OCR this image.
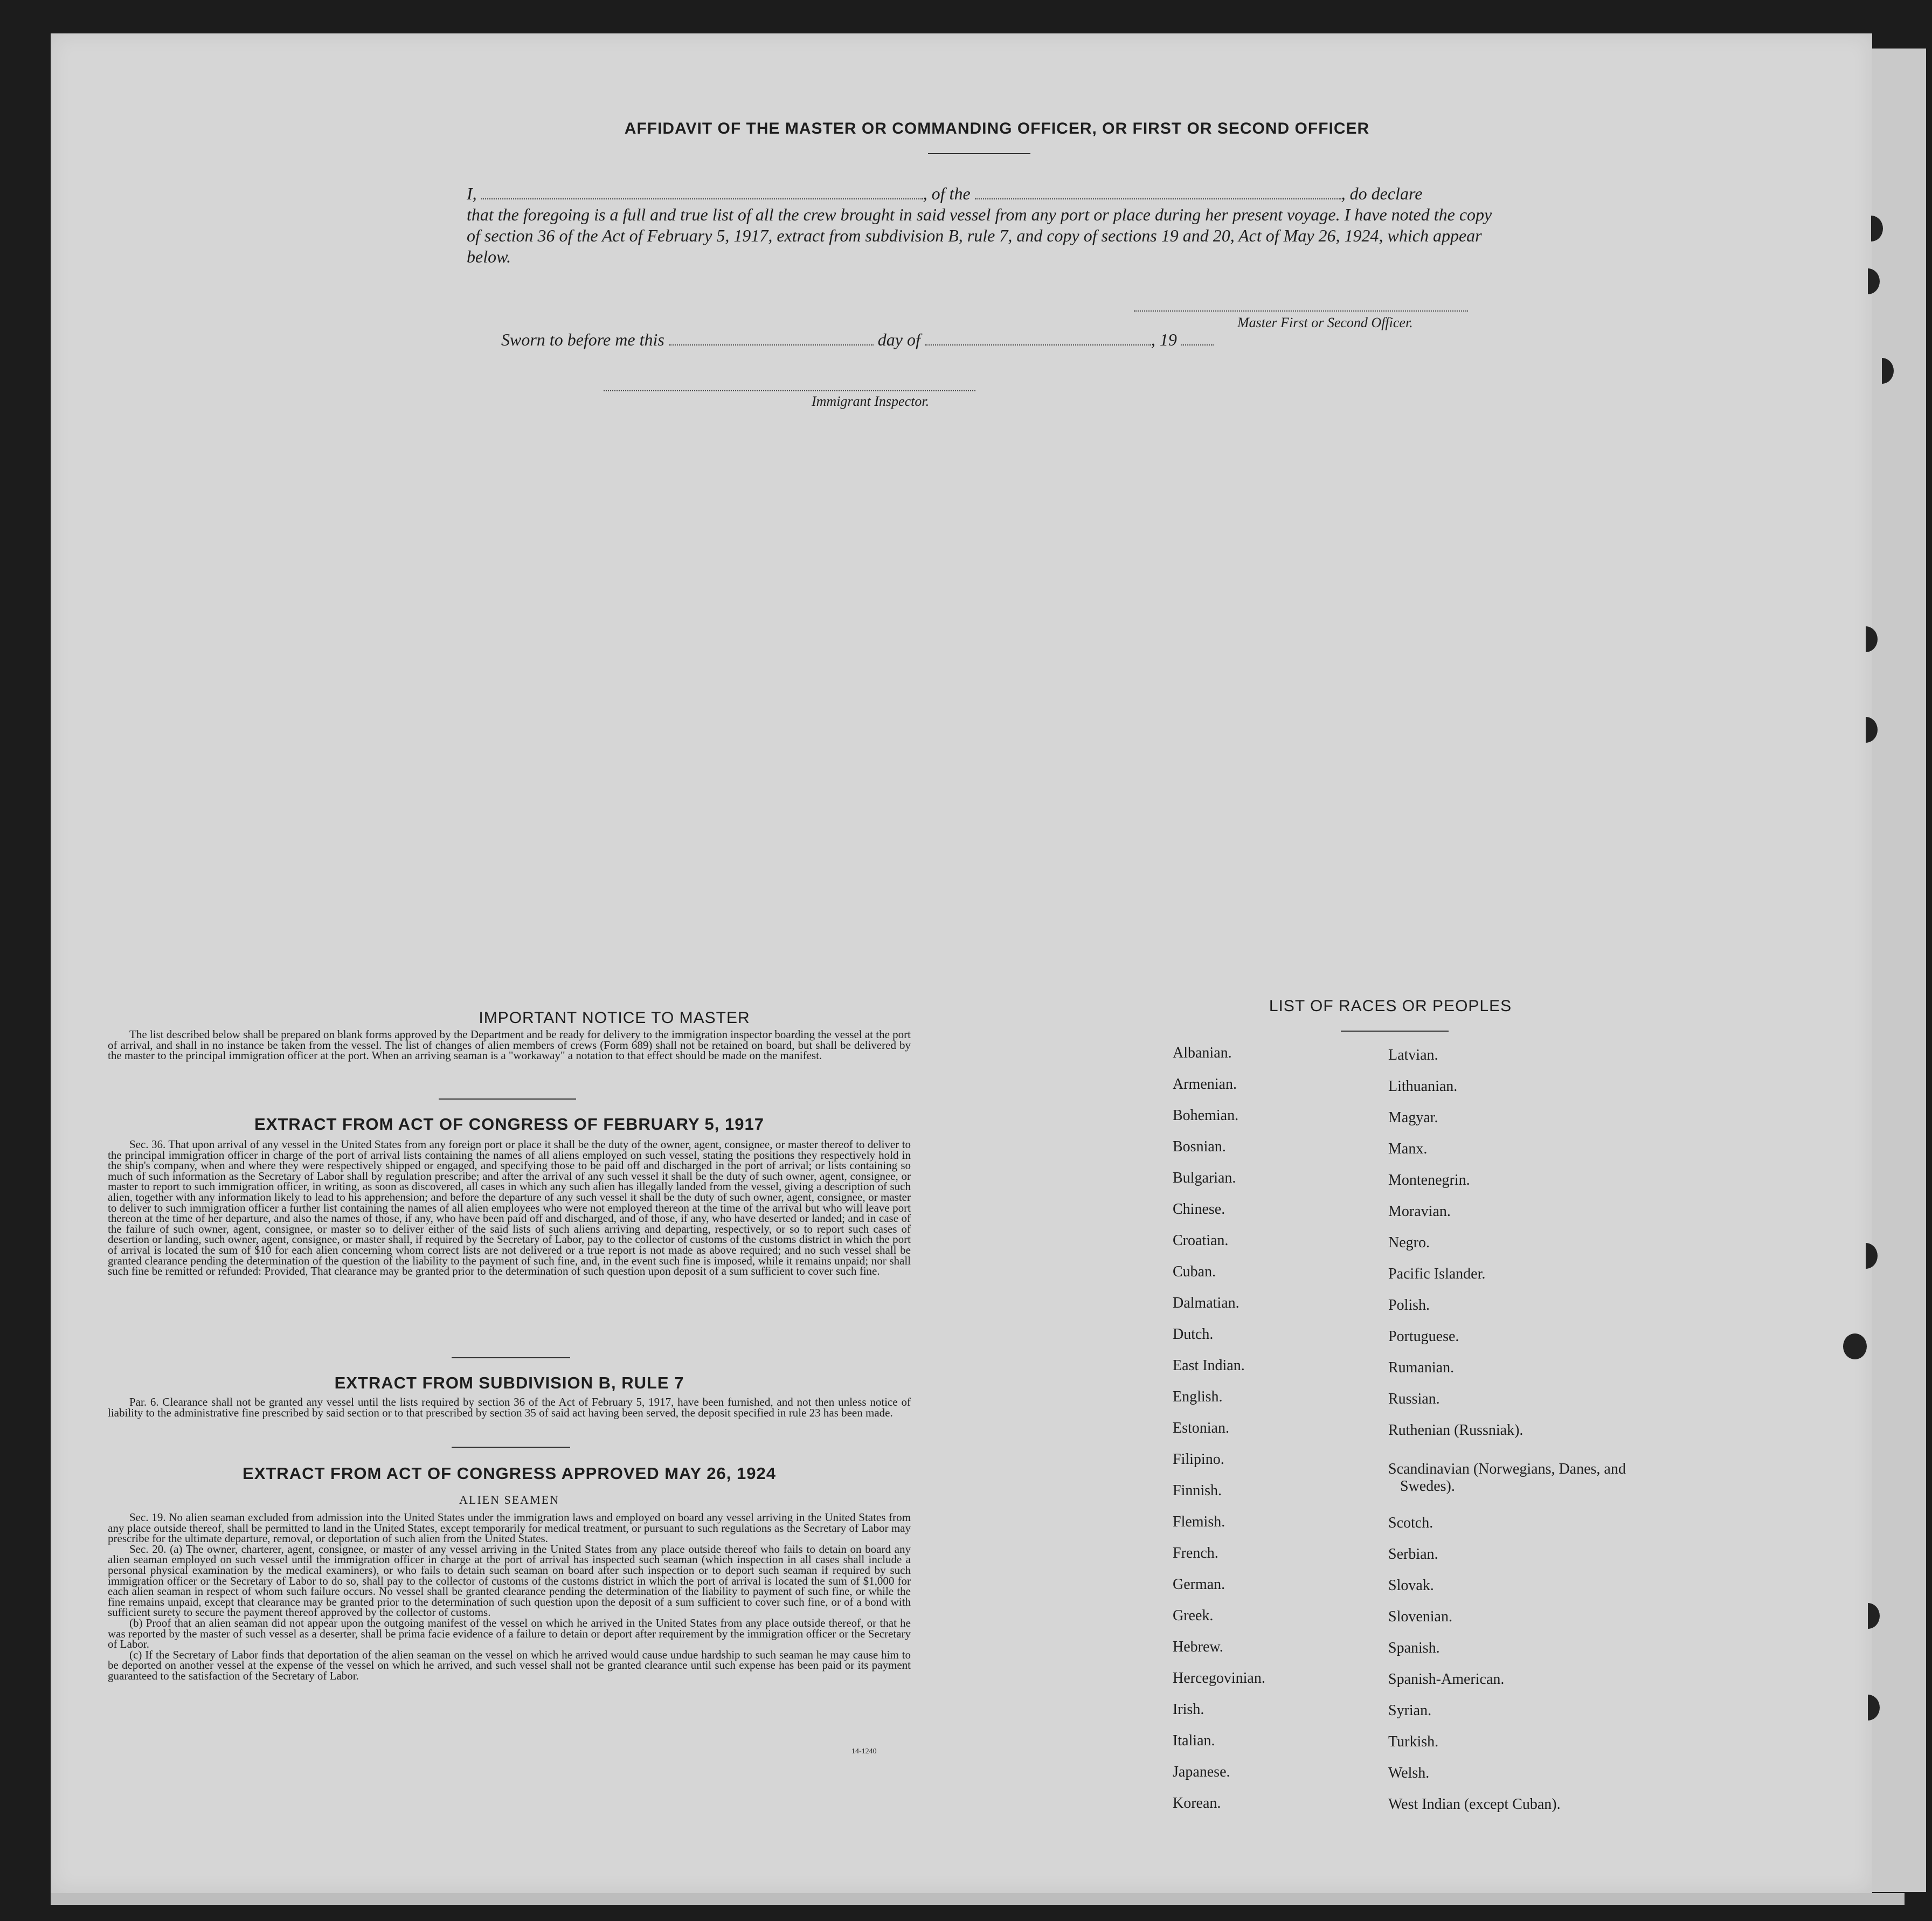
AFFIDAVIT OF THE MASTER OR COMMANDING OFFICER, OR FIRST OR SECOND OFFICER
I,	, of the	, do declare
that the foregoing is a full and true list of all the crew brought in said vessel from any port or place during her present voyage. I have noted the copy of section 36 of the Act of February 5, 1917, extract from subdivision B, rule 7, and copy of sections 19 and 20, Act of May 26, 1924, which appear below.
Master First or Second Officer.
Sworn to before me this	day of	, 19
Immigrant Inspector.
IMPORTANT NOTICE TO MASTER
The list described below shall be prepared on blank forms approved by the Department and be ready for delivery to the immigration inspector boarding the vessel at the port of arrival, and shall in no instance be taken from the vessel. The list of changes of alien members of crews (Form 689) shall not be retained on board, but shall be delivered by the master to the principal immigration officer at the port. When an arriving seaman is a "workaway" a notation to that effect should be made on the manifest.
EXTRACT FROM ACT OF CONGRESS OF FEBRUARY 5, 1917
Sec. 36. That upon arrival of any vessel in the United States from any foreign port or place it shall be the duty of the owner, agent, consignee, or master thereof to deliver to the principal immigration officer in charge of the port of arrival lists containing the names of all aliens employed on such vessel, stating the positions they respectively hold in the ship's company, when and where they were respectively shipped or engaged, and specifying those to be paid off and discharged in the port of arrival; or lists containing so much of such information as the Secretary of Labor shall by regulation prescribe; and after the arrival of any such vessel it shall be the duty of such owner, agent, consignee, or master to report to such immigration officer, in writing, as soon as discovered, all cases in which any such alien has illegally landed from the vessel, giving a description of such alien, together with any information likely to lead to his apprehension; and before the departure of any such vessel it shall be the duty of such owner, agent, consignee, or master to deliver to such immigration officer a further list containing the names of all alien employees who were not employed thereon at the time of the arrival but who will leave port thereon at the time of her departure, and also the names of those, if any, who have been paid off and discharged, and of those, if any, who have deserted or landed; and in case of the failure of such owner, agent, consignee, or master so to deliver either of the said lists of such aliens arriving and departing, respectively, or so to report such cases of desertion or landing, such owner, agent, consignee, or master shall, if required by the Secretary of Labor, pay to the collector of customs of the customs district in which the port of arrival is located the sum of $10 for each alien concerning whom correct lists are not delivered or a true report is not made as above required; and no such vessel shall be granted clearance pending the determination of the question of the liability to the payment of such fine, and, in the event such fine is imposed, while it remains unpaid; nor shall such fine be remitted or refunded: Provided, That clearance may be granted prior to the determination of such question upon deposit of a sum sufficient to cover such fine.
EXTRACT FROM SUBDIVISION B, RULE 7
Par. 6. Clearance shall not be granted any vessel until the lists required by section 36 of the Act of February 5, 1917, have been furnished, and not then unless notice of liability to the administrative fine prescribed by said section or to that prescribed by section 35 of said act having been served, the deposit specified in rule 23 has been made.
EXTRACT FROM ACT OF CONGRESS APPROVED MAY 26, 1924
ALIEN SEAMEN
Sec. 19. No alien seaman excluded from admission into the United States under the immigration laws and employed on board any vessel arriving in the United States from any place outside thereof, shall be permitted to land in the United States, except temporarily for medical treatment, or pursuant to such regulations as the Secretary of Labor may prescribe for the ultimate departure, removal, or deportation of such alien from the United States.
Sec. 20. (a) The owner, charterer, agent, consignee, or master of any vessel arriving in the United States from any place outside thereof who fails to detain on board any alien seaman employed on such vessel until the immigration officer in charge at the port of arrival has inspected such seaman (which inspection in all cases shall include a personal physical examination by the medical examiners), or who fails to detain such seaman on board after such inspection or to deport such seaman if required by such immigration officer or the Secretary of Labor to do so, shall pay to the collector of customs of the customs district in which the port of arrival is located the sum of $1,000 for each alien seaman in respect of whom such failure occurs. No vessel shall be granted clearance pending the determination of the liability to payment of such fine, or while the fine remains unpaid, except that clearance may be granted prior to the determination of such question upon the deposit of a sum sufficient to cover such fine, or of a bond with sufficient surety to secure the payment thereof approved by the collector of customs.
(b) Proof that an alien seaman did not appear upon the outgoing manifest of the vessel on which he arrived in the United States from any place outside thereof, or that he was reported by the master of such vessel as a deserter, shall be prima facie evidence of a failure to detain or deport after requirement by the immigration officer or the Secretary of Labor.
(c) If the Secretary of Labor finds that deportation of the alien seaman on the vessel on which he arrived would cause undue hardship to such seaman he may cause him to be deported on another vessel at the expense of the vessel on which he arrived, and such vessel shall not be granted clearance until such expense has been paid or its payment guaranteed to the satisfaction of the Secretary of Labor.
14-1240
LIST OF RACES OR PEOPLES
Albanian.
Armenian.
Bohemian.
Bosnian.
Bulgarian.
Chinese.
Croatian.
Cuban.
Dalmatian.
Dutch.
East Indian.
English.
Estonian.
Filipino.
Finnish.
Flemish.
French.
German.
Greek.
Hebrew.
Hercegovinian.
Irish.
Italian.
Japanese.
Korean.
Latvian.
Lithuanian.
Magyar.
Manx.
Montenegrin.
Moravian.
Negro.
Pacific Islander.
Polish.
Portuguese.
Rumanian.
Russian.
Ruthenian (Russniak).
Scandinavian (Norwegians, Danes, and Swedes).
Scotch.
Serbian.
Slovak.
Slovenian.
Spanish.
Spanish-American.
Syrian.
Turkish.
Welsh.
West Indian (except Cuban).
